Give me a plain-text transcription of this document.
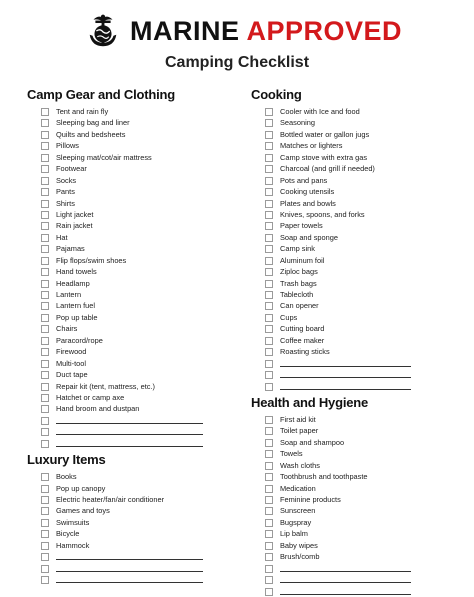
MARINE APPROVED
Camping Checklist
Camp Gear and Clothing
Tent and rain fly
Sleeping bag and liner
Quilts and bedsheets
Pillows
Sleeping mat/cot/air mattress
Footwear
Socks
Pants
Shirts
Light jacket
Rain jacket
Hat
Pajamas
Flip flops/swim shoes
Hand towels
Headlamp
Lantern
Lantern fuel
Pop up table
Chairs
Paracord/rope
Firewood
Multi-tool
Duct tape
Repair kit (tent, mattress, etc.)
Hatchet or camp axe
Hand broom and dustpan
Luxury Items
Books
Pop up canopy
Electric heater/fan/air conditioner
Games and toys
Swimsuits
Bicycle
Hammock
Cooking
Cooler with Ice and food
Seasoning
Bottled water or gallon jugs
Matches or lighters
Camp stove with extra gas
Charcoal (and grill if needed)
Pots and pans
Cooking utensils
Plates and bowls
Knives, spoons, and forks
Paper towels
Soap and sponge
Camp sink
Aluminum foil
Ziploc bags
Trash bags
Tablecloth
Can opener
Cups
Cutting board
Coffee maker
Roasting sticks
Health and Hygiene
First aid kit
Toilet paper
Soap and shampoo
Towels
Wash cloths
Toothbrush and toothpaste
Medication
Feminine products
Sunscreen
Bugspray
Lip balm
Baby wipes
Brush/comb
